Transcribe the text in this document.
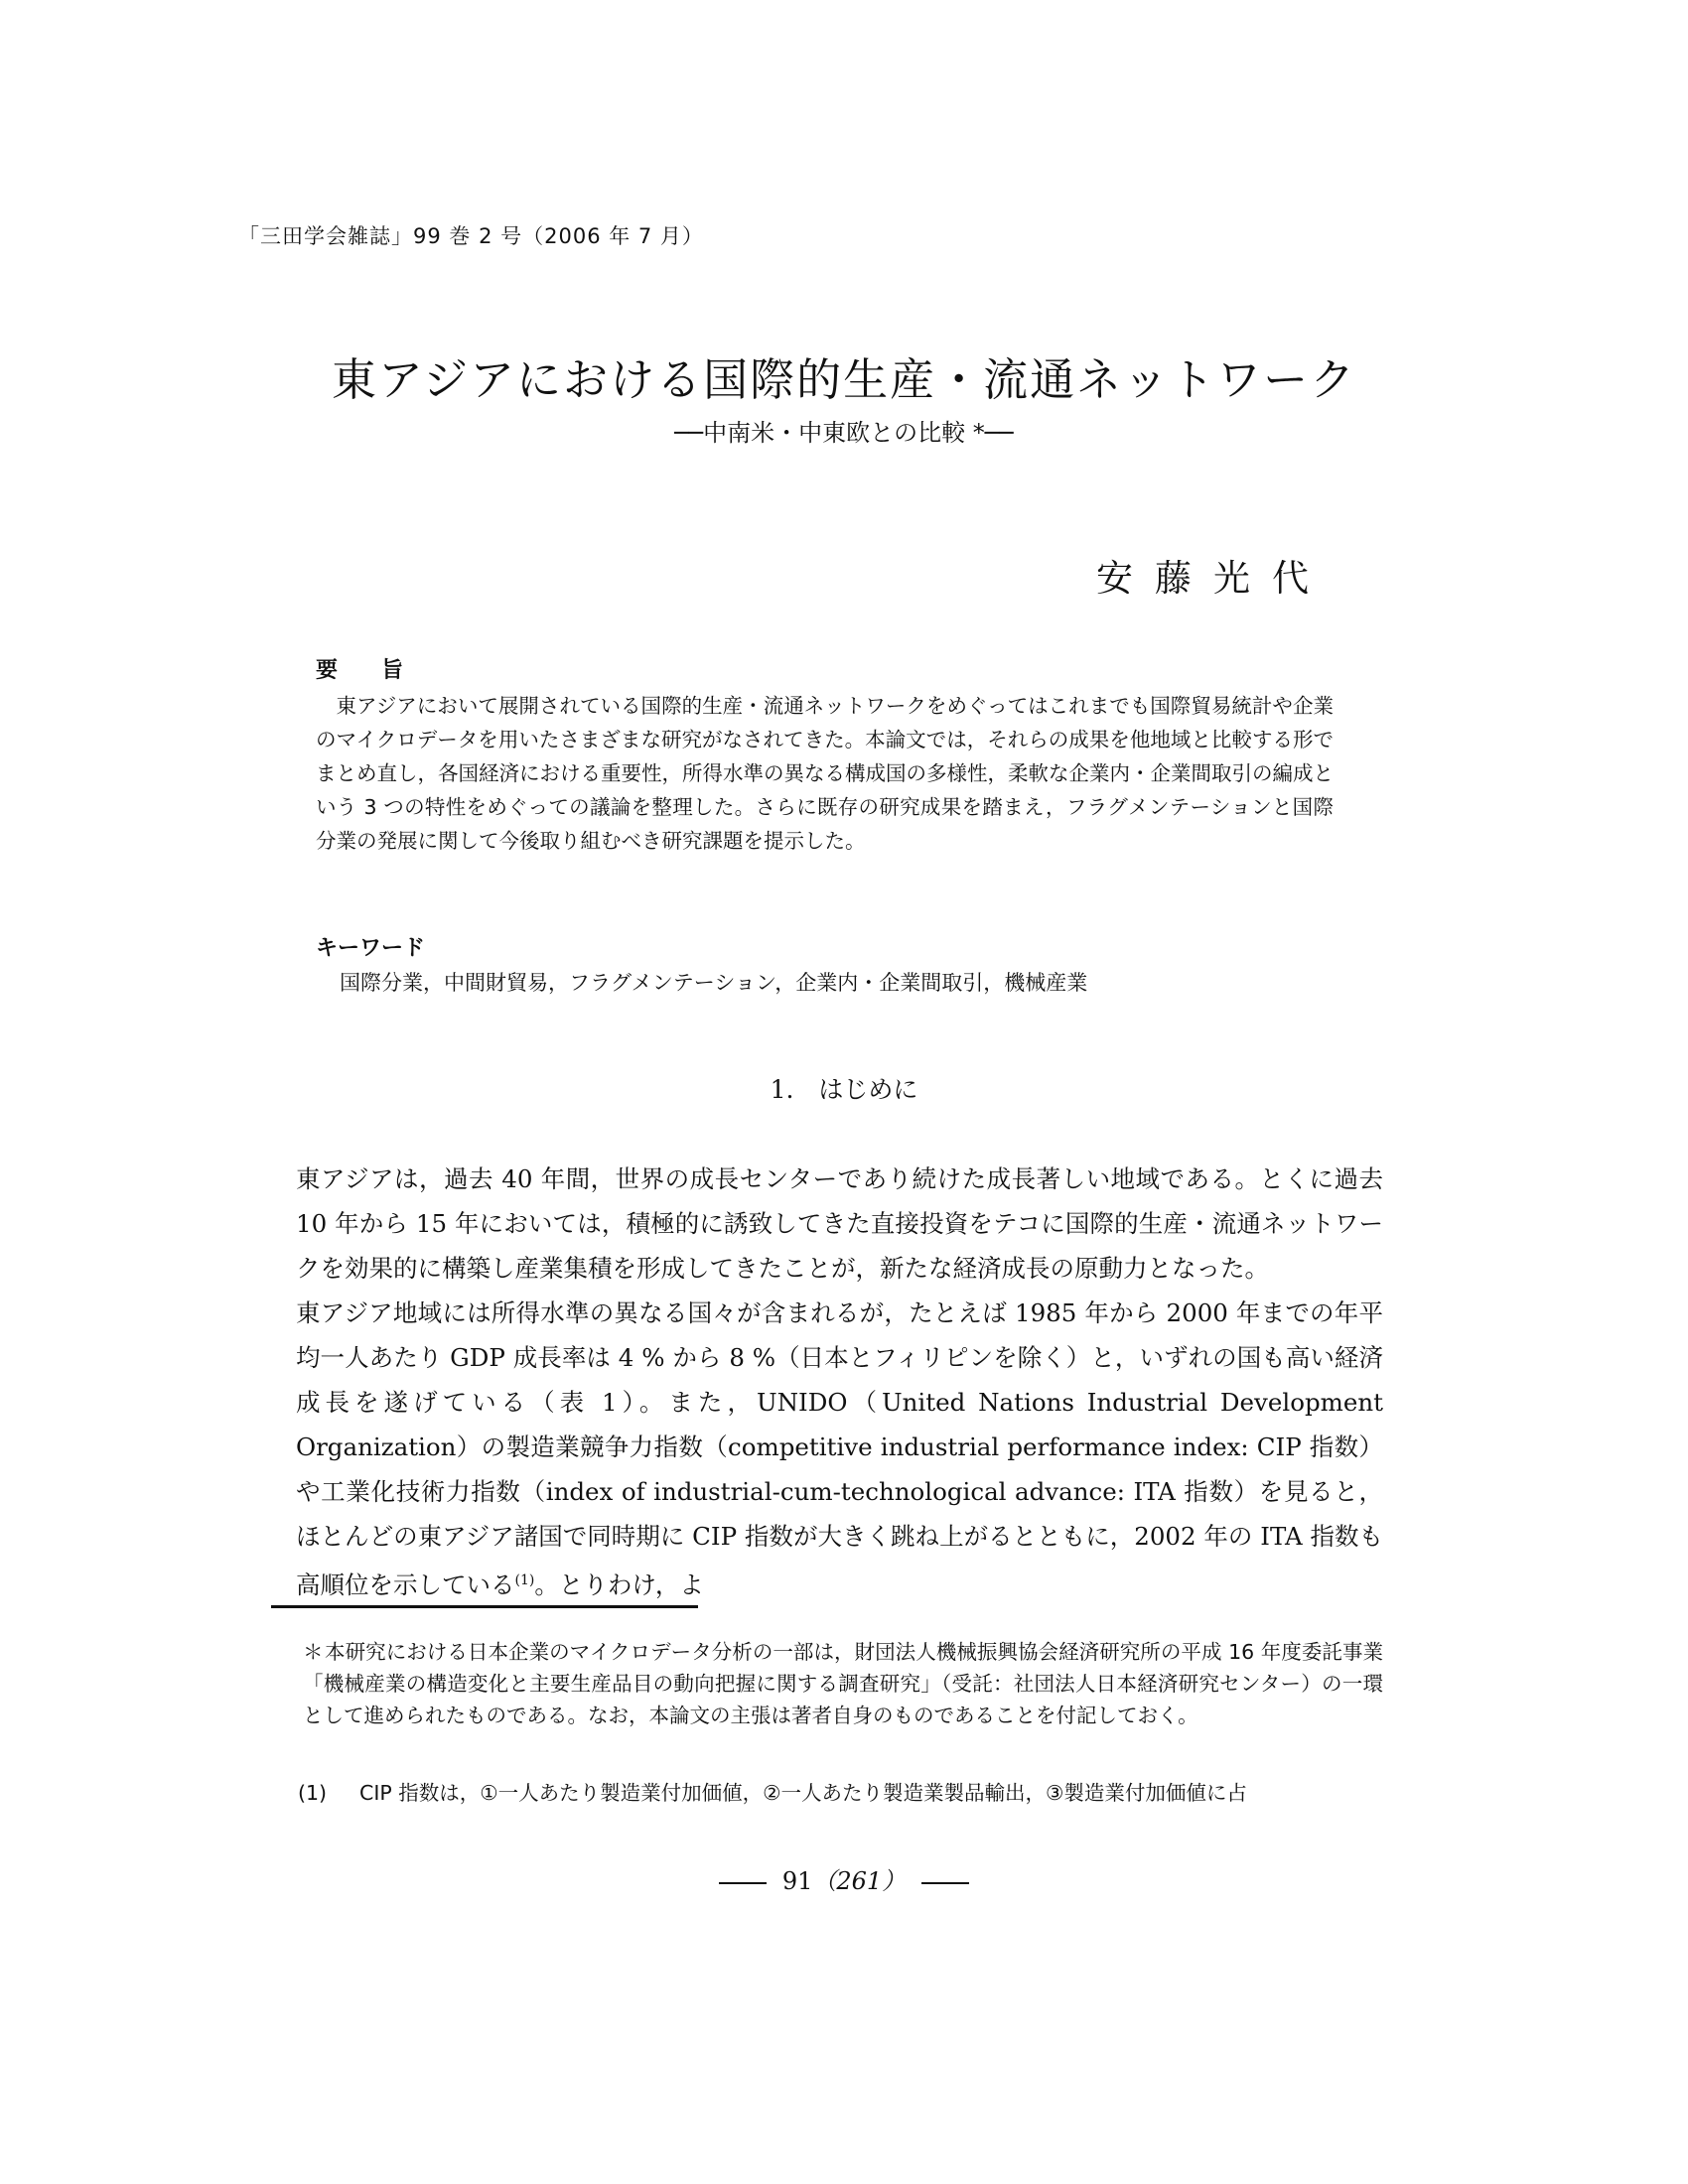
「三田学会雑誌」99 巻 2 号（2006 年 7 月）
東アジアにおける国際的生産・流通ネットワーク
──中南米・中東欧との比較 *──
安藤光代
要　　旨

東アジアにおいて展開されている国際的生産・流通ネットワークをめぐってはこれまでも国際貿易統計や企業のマイクロデータを用いたさまざまな研究がなされてきた。本論文では，それらの成果を他地域と比較する形でまとめ直し，各国経済における重要性，所得水準の異なる構成国の多様性，柔軟な企業内・企業間取引の編成という 3 つの特性をめぐっての議論を整理した。さらに既存の研究成果を踏まえ，フラグメンテーションと国際分業の発展に関して今後取り組むべき研究課題を提示した。

キーワード
国際分業，中間財貿易，フラグメンテーション，企業内・企業間取引，機械産業
1.　はじめに

東アジアは，過去 40 年間，世界の成長センターであり続けた成長著しい地域である。とくに過去 10 年から 15 年においては，積極的に誘致してきた直接投資をテコに国際的生産・流通ネットワークを効果的に構築し産業集積を形成してきたことが，新たな経済成長の原動力となった。

東アジア地域には所得水準の異なる国々が含まれるが，たとえば 1985 年から 2000 年までの年平均一人あたり GDP 成長率は 4 % から 8 %（日本とフィリピンを除く）と，いずれの国も高い経済成長を遂げている（表 1）。また，UNIDO（United Nations Industrial Development Organization）の製造業競争力指数（competitive industrial performance index: CIP 指数）や工業化技術力指数（index of industrial-cum-technological advance: ITA 指数）を見ると，ほとんどの東アジア諸国で同時期に CIP 指数が大きく跳ね上がるとともに，2002 年の ITA 指数も高順位を示している$^{(1)}$。とりわけ，よ

＊本研究における日本企業のマイクロデータ分析の一部は，財団法人機械振興協会経済研究所の平成 16 年度委託事業「機械産業の構造変化と主要生産品目の動向把握に関する調査研究」（受託：社団法人日本経済研究センター）の一環として進められたものである。なお，本論文の主張は著者自身のものであることを付記しておく。
(1) CIP 指数は，①一人あたり製造業付加価値，②一人あたり製造業製品輸出，③製造業付加価値に占
91（261）
